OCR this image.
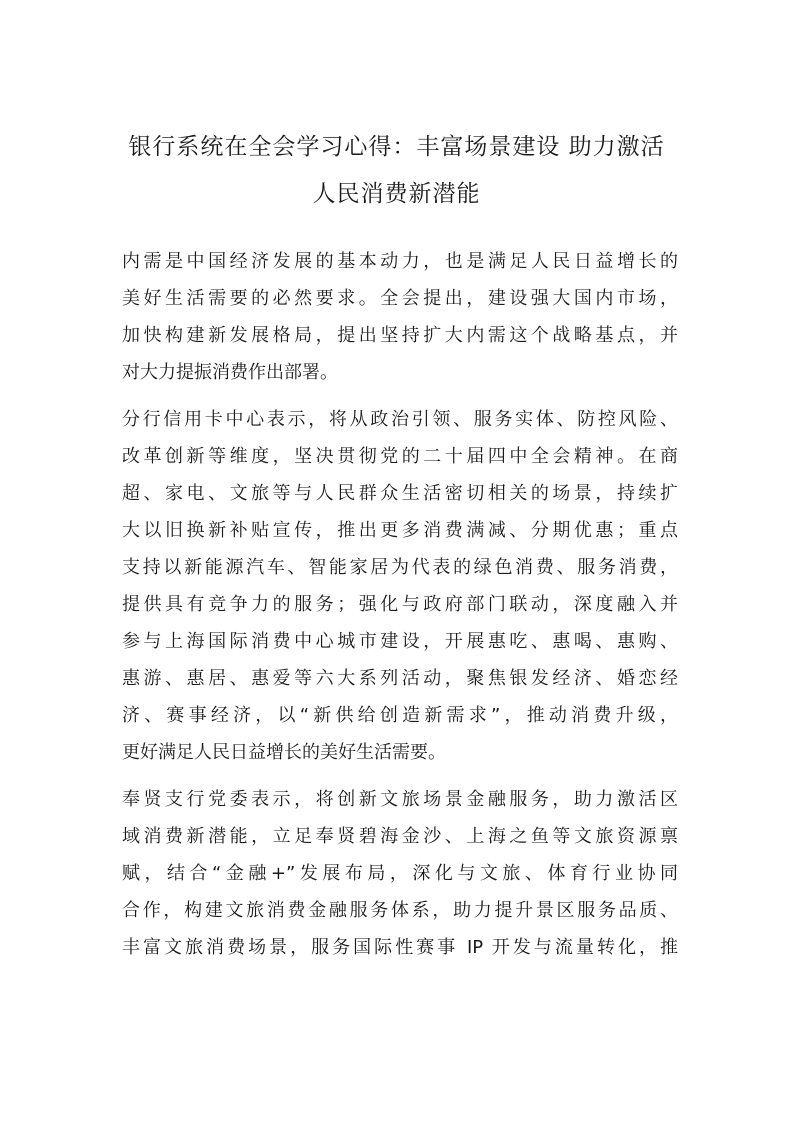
银行系统在全会学习心得：丰富场景建设 助力激活
人民消费新潜能
内需是中国经济发展的基本动力，也是满足人民日益增长的
美好生活需要的必然要求。全会提出，建设强大国内市场，
加快构建新发展格局，提出坚持扩大内需这个战略基点，并
对大力提振消费作出部署。
分行信用卡中心表示，将从政治引领、服务实体、防控风险、
改革创新等维度，坚决贯彻党的二十届四中全会精神。在商
超、家电、文旅等与人民群众生活密切相关的场景，持续扩
大以旧换新补贴宣传，推出更多消费满减、分期优惠；重点
支持以新能源汽车、智能家居为代表的绿色消费、服务消费，
提供具有竞争力的服务；强化与政府部门联动，深度融入并
参与上海国际消费中心城市建设，开展惠吃、惠喝、惠购、
惠游、惠居、惠爱等六大系列活动，聚焦银发经济、婚恋经
济、赛事经济，以“新供给创造新需求”，推动消费升级，
更好满足人民日益增长的美好生活需要。
奉贤支行党委表示，将创新文旅场景金融服务，助力激活区
域消费新潜能，立足奉贤碧海金沙、上海之鱼等文旅资源禀
赋，结合“金融+”发展布局，深化与文旅、体育行业协同
合作，构建文旅消费金融服务体系，助力提升景区服务品质、
丰富文旅消费场景，服务国际性赛事 IP 开发与流量转化，推
